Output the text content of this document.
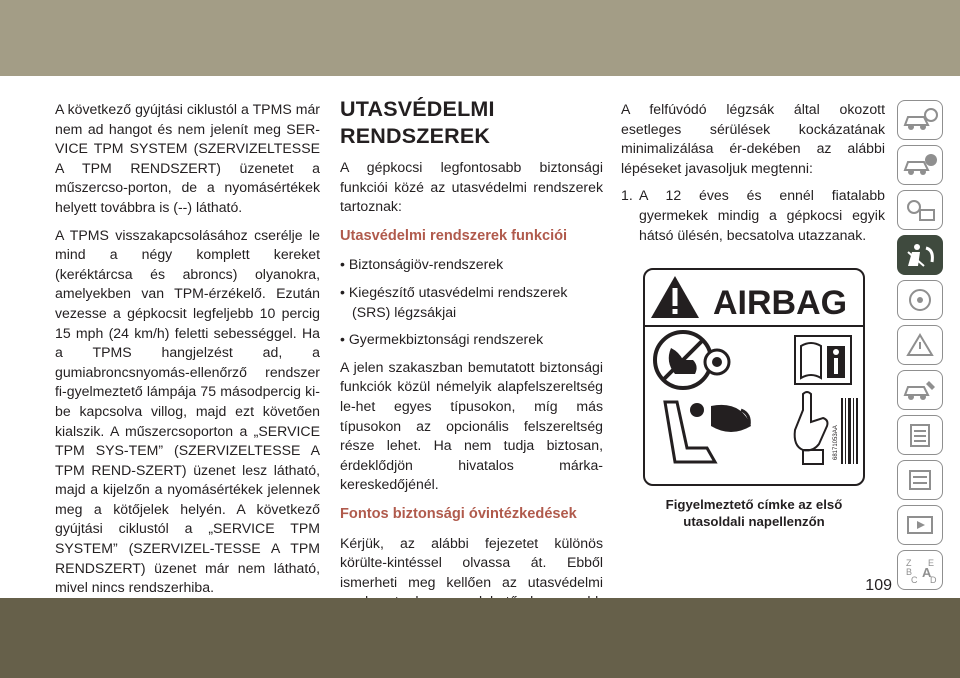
A következő gyújtási ciklustól a TPMS már nem ad hangot és nem jelenít meg SER-VICE TPM SYSTEM (SZERVIZELTESSE A TPM RENDSZERT) üzenetet a műszercso-porton, de a nyomásértékek helyett továbbra is (--) látható.

A TPMS visszakapcsolásához cserélje le mind a négy komplett kereket (keréktárcsa és abroncs) olyanokra, amelyekben van TPM-érzékelő. Ezután vezesse a gépkocsit legfeljebb 10 percig 15 mph (24 km/h) feletti sebességgel. Ha a TPMS hangjelzést ad, a gumiabroncsnyomás-ellenőrző rendszer fi-gyelmeztető lámpája 75 másodpercig ki-be kapcsolva villog, majd ezt követően kialszik. A műszercsoporton a „SERVICE TPM SYS-TEM” (SZERVIZELTESSE A TPM REND-SZERT) üzenet lesz látható, majd a kijelzőn a nyomásértékek jelennek meg a kötőjelek helyén. A következő gyújtási ciklustól a „SERVICE TPM SYSTEM” (SZERVIZEL-TESSE A TPM RENDSZERT) üzenet már nem látható, mivel nincs rendszerhiba.

UTASVÉDELMI
RENDSZEREK

A gépkocsi legfontosabb biztonsági funkciói közé az utasvédelmi rendszerek tartoznak:

Utasvédelmi rendszerek funkciói

• Biztonságiöv-rendszerek

• Kiegészítő utasvédelmi rendszerek (SRS) légzsákjai

• Gyermekbiztonsági rendszerek

A jelen szakaszban bemutatott biztonsági funkciók közül némelyik alapfelszereltség le-het egyes típusokon, míg más típusokon az opcionális felszereltség része lehet. Ha nem tudja biztosan, érdeklődjön hivatalos márka-kereskedőjénél.

Fontos biztonsági óvintézkedések

Kérjük, az alábbi fejezetet különös körülte-kintéssel olvassa át. Ebből ismerheti meg kellően az utasvédelmi

A felfúvódó légzsák által okozott esetleges sérülések kockázatának minimalizálása ér-dekében az alábbi lépéseket javasoljuk megtenni:

1. A 12 éves és ennél fiatalabb gyermekek mindig a gépkocsi egyik hátsó ülésén, becsatolva utazzanak.
AIRBAG
68171053AA
Figyelmeztető címke az első
utasoldali napellenzőn
Z E
B A
C D
109
